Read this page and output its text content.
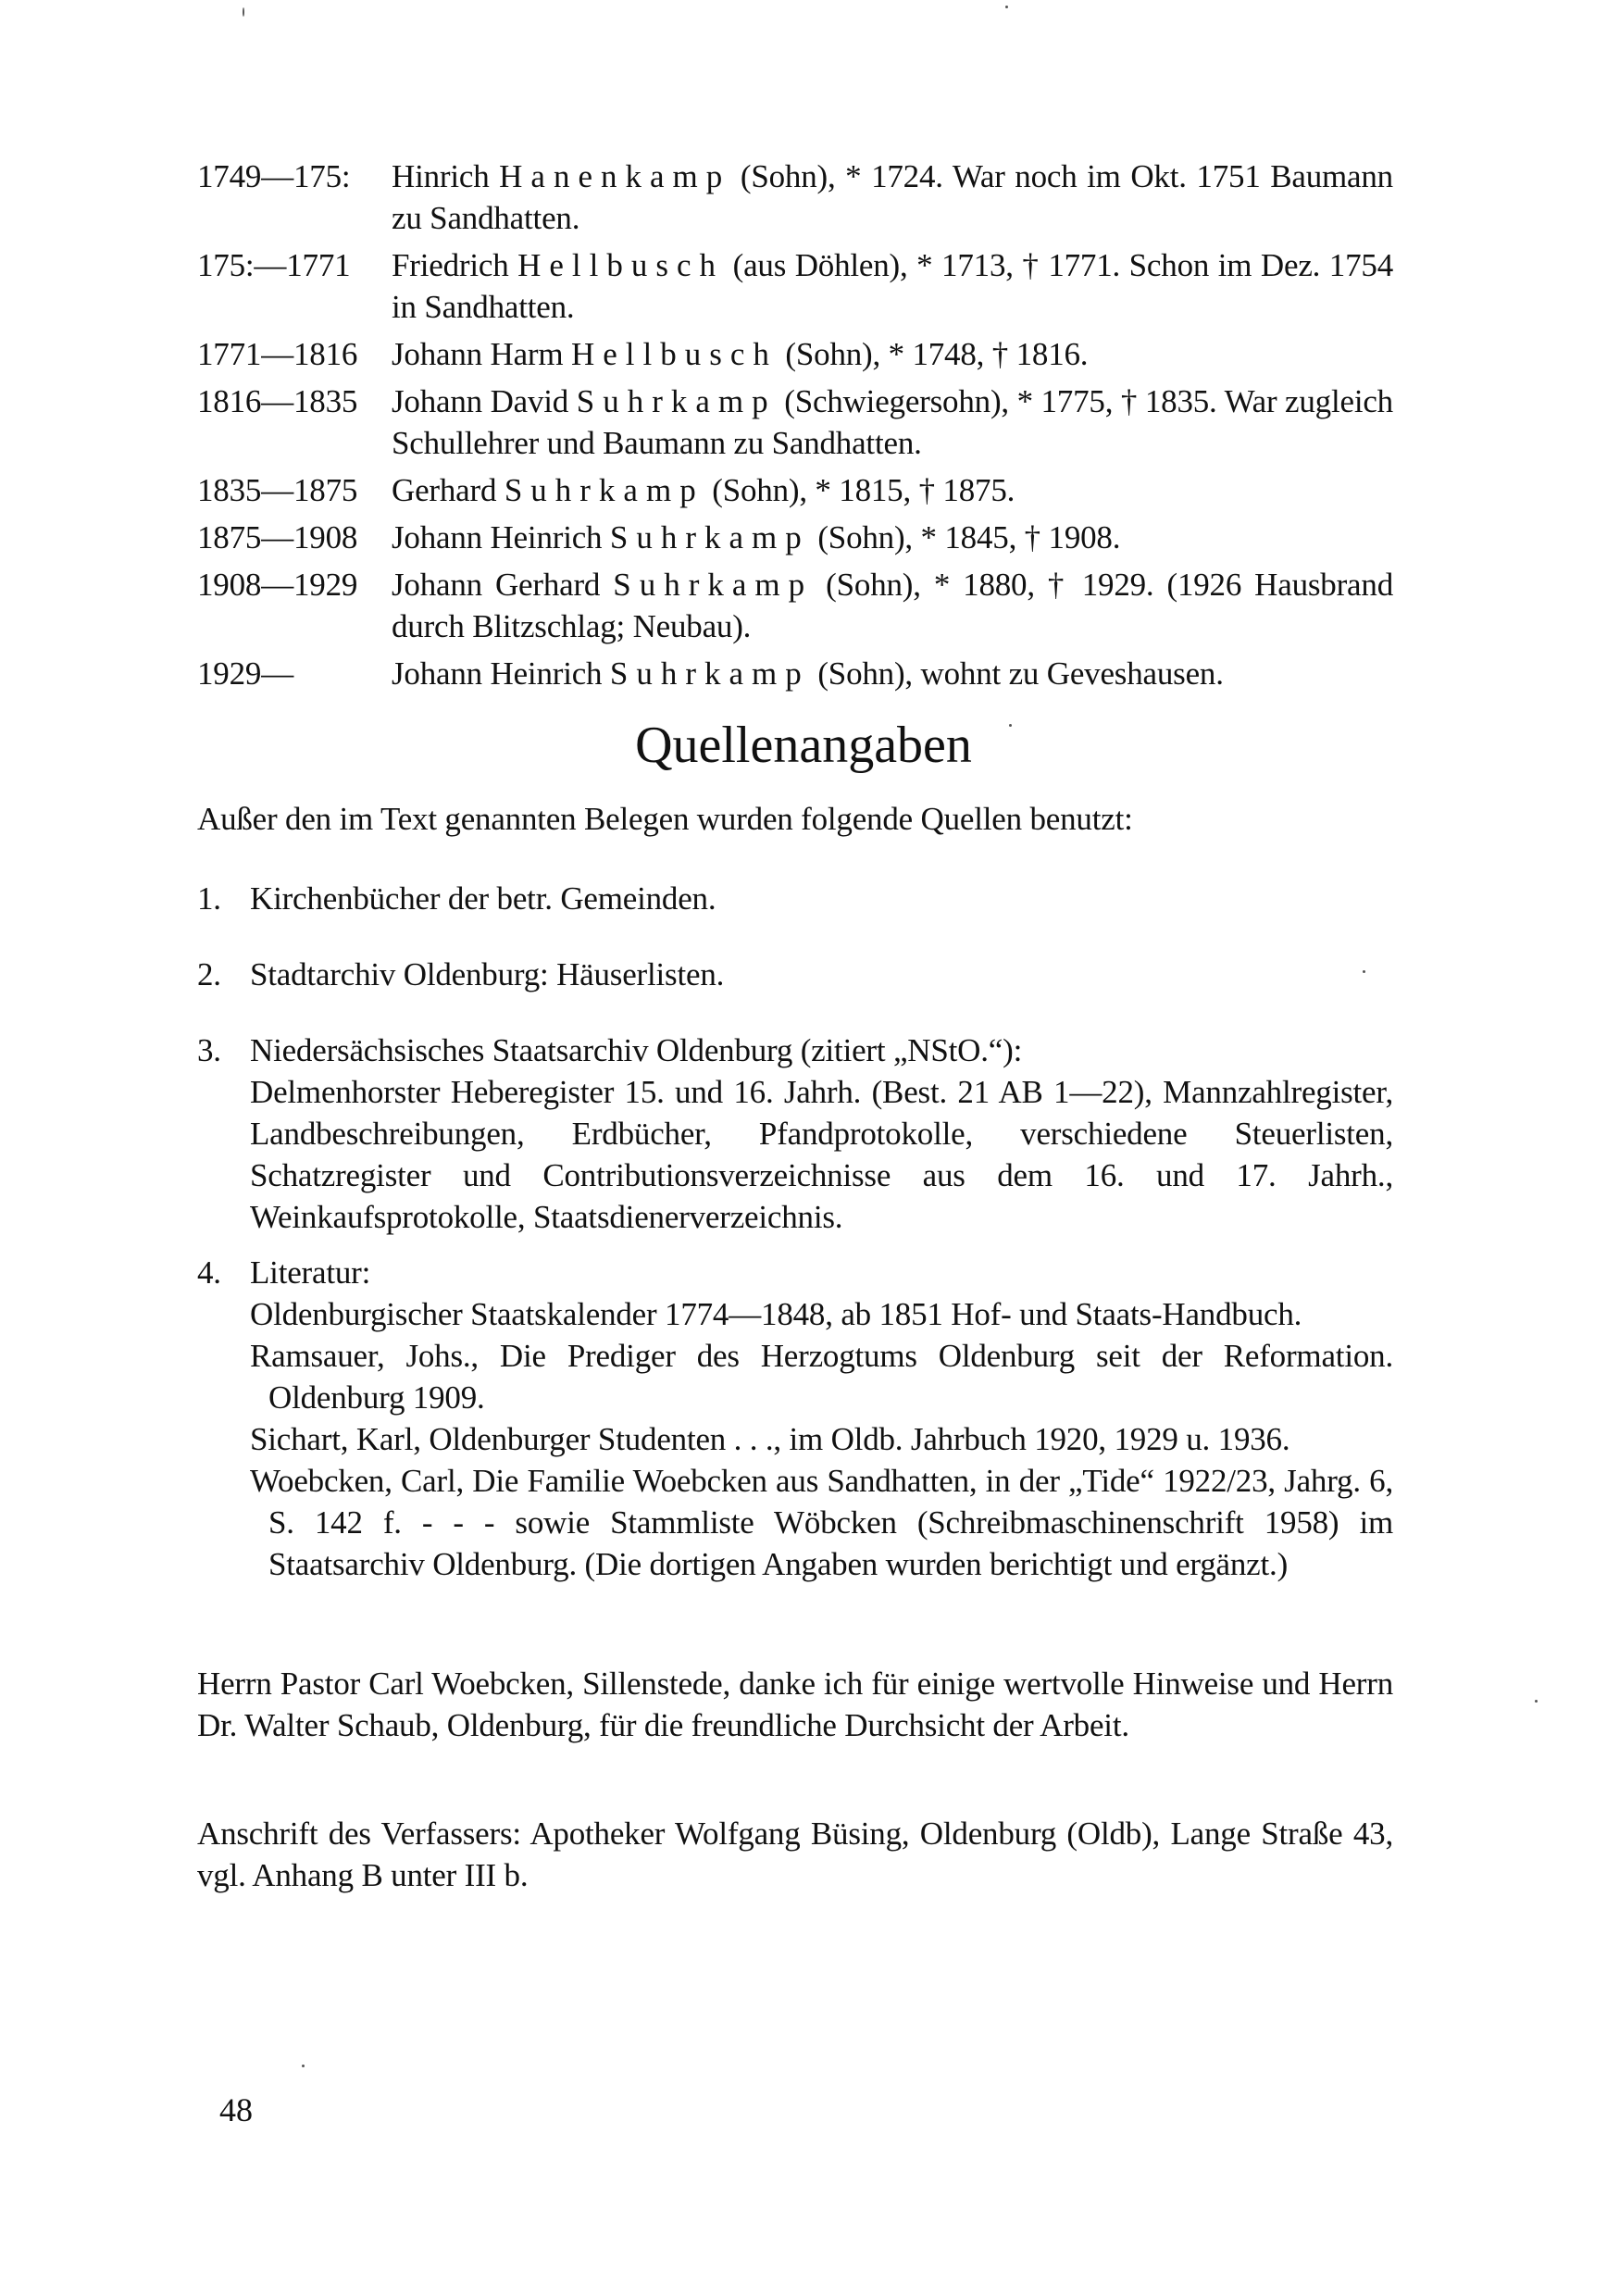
1749—175:	Hinrich Hanenkamp (Sohn), * 1724. War noch im Okt. 1751 Baumann zu Sandhatten.
175:—1771	Friedrich Hellbusch (aus Döhlen), * 1713, † 1771. Schon im Dez. 1754 in Sandhatten.
1771—1816	Johann Harm Hellbusch (Sohn), * 1748, † 1816.
1816—1835	Johann David Suhrkamp (Schwiegersohn), * 1775, † 1835. War zugleich Schullehrer und Baumann zu Sandhatten.
1835—1875	Gerhard Suhrkamp (Sohn), * 1815, † 1875.
1875—1908	Johann Heinrich Suhrkamp (Sohn), * 1845, † 1908.
1908—1929	Johann Gerhard Suhrkamp (Sohn), * 1880, † 1929. (1926 Hausbrand durch Blitzschlag; Neubau).
1929—	Johann Heinrich Suhrkamp (Sohn), wohnt zu Geveshausen.
Quellenangaben
Außer den im Text genannten Belegen wurden folgende Quellen benutzt:
1. Kirchenbücher der betr. Gemeinden.
2. Stadtarchiv Oldenburg: Häuserlisten.
3. Niedersächsisches Staatsarchiv Oldenburg (zitiert „NStO.“):
Delmenhorster Heberegister 15. und 16. Jahrh. (Best. 21 AB 1—22), Mannzahlregister, Landbeschreibungen, Erdbücher, Pfandprotokolle, verschiedene Steuerlisten, Schatzregister und Contributionsverzeichnisse aus dem 16. und 17. Jahrh., Weinkaufsprotokolle, Staatsdienerverzeichnis.
4. Literatur:
Oldenburgischer Staatskalender 1774—1848, ab 1851 Hof- und Staats-Handbuch.
Ramsauer, Johs., Die Prediger des Herzogtums Oldenburg seit der Reformation. Oldenburg 1909.
Sichart, Karl, Oldenburger Studenten . . ., im Oldb. Jahrbuch 1920, 1929 u. 1936.
Woebcken, Carl, Die Familie Woebcken aus Sandhatten, in der „Tide“ 1922/23, Jahrg. 6, S. 142 f. - - - sowie Stammliste Wöbcken (Schreibmaschinenschrift 1958) im Staatsarchiv Oldenburg. (Die dortigen Angaben wurden berichtigt und ergänzt.)
Herrn Pastor Carl Woebcken, Sillenstede, danke ich für einige wertvolle Hinweise und Herrn Dr. Walter Schaub, Oldenburg, für die freundliche Durchsicht der Arbeit.
Anschrift des Verfassers: Apotheker Wolfgang Büsing, Oldenburg (Oldb), Lange Straße 43, vgl. Anhang B unter III b.
48
